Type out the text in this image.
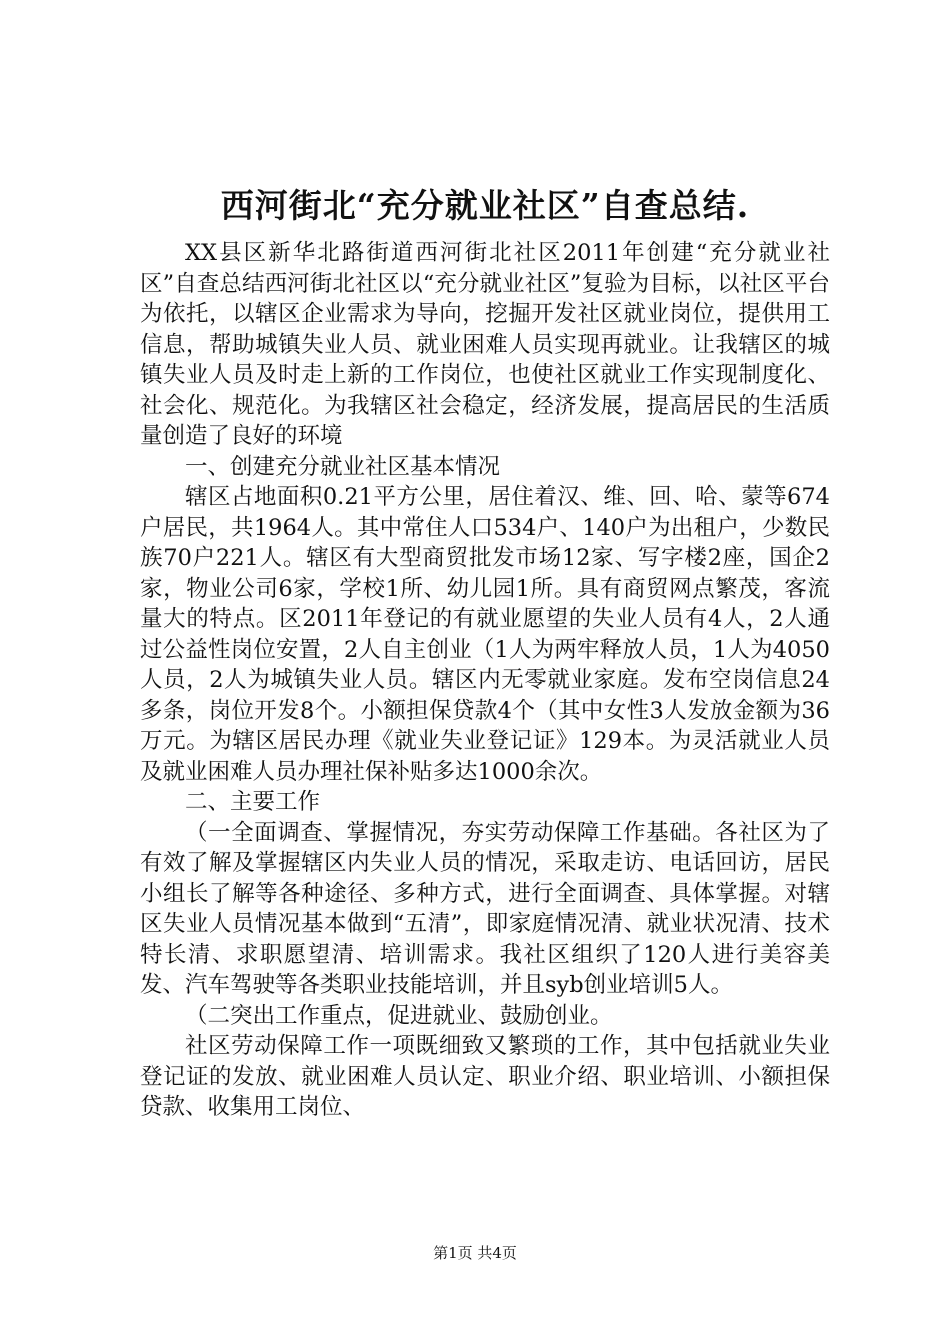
西河街北“充分就业社区”自查总结.

XX县区新华北路街道西河街北社区2011年创建“充分就业社区”自查总结西河街北社区以“充分就业社区”复验为目标，以社区平台为依托，以辖区企业需求为导向，挖掘开发社区就业岗位，提供用工信息，帮助城镇失业人员、就业困难人员实现再就业。让我辖区的城镇失业人员及时走上新的工作岗位，也使社区就业工作实现制度化、社会化、规范化。为我辖区社会稳定，经济发展，提高居民的生活质量创造了良好的环境

一、创建充分就业社区基本情况

辖区占地面积0.21平方公里，居住着汉、维、回、哈、蒙等674户居民，共1964人。其中常住人口534户、140户为出租户，少数民族70户221人。辖区有大型商贸批发市场12家、写字楼2座，国企2家，物业公司6家，学校1所、幼儿园1所。具有商贸网点繁茂，客流量大的特点。区2011年登记的有就业愿望的失业人员有4人，2人通过公益性岗位安置，2人自主创业（1人为两牢释放人员，1人为4050人员，2人为城镇失业人员。辖区内无零就业家庭。发布空岗信息24多条，岗位开发8个。小额担保贷款4个（其中女性3人发放金额为36万元。为辖区居民办理《就业失业登记证》129本。为灵活就业人员及就业困难人员办理社保补贴多达1000余次。

二、主要工作

（一全面调查、掌握情况，夯实劳动保障工作基础。各社区为了有效了解及掌握辖区内失业人员的情况，采取走访、电话回访，居民小组长了解等各种途径、多种方式，进行全面调查、具体掌握。对辖区失业人员情况基本做到“五清”，即家庭情况清、就业状况清、技术特长清、求职愿望清、培训需求。我社区组织了120人进行美容美发、汽车驾驶等各类职业技能培训，并且syb创业培训5人。

（二突出工作重点，促进就业、鼓励创业。

社区劳动保障工作一项既细致又繁琐的工作，其中包括就业失业登记证的发放、就业困难人员认定、职业介绍、职业培训、小额担保贷款、收集用工岗位、

第1页 共4页
